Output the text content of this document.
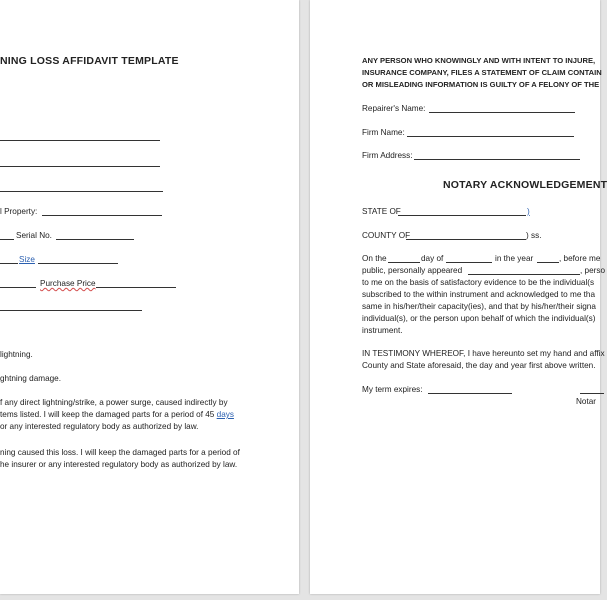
NING LOSS AFFIDAVIT TEMPLATE
l Property:
Serial No.
Size
Purchase Price
lightning.
ghtning damage.
f any direct lightning/strike, a power surge, caused indirectly by
tems listed. I will keep the damaged parts for a period of 45 days
or any interested regulatory body as authorized by law.
ning caused this loss. I will keep the damaged parts for a period of
he insurer or any interested regulatory body as authorized by law.
ANY PERSON WHO KNOWINGLY AND WITH INTENT TO INJURE,
INSURANCE COMPANY, FILES A STATEMENT OF CLAIM CONTAIN
OR MISLEADING INFORMATION IS GUILTY OF A FELONY OF THE
Repairer's Name:
Firm Name:
Firm Address:
NOTARY ACKNOWLEDGEMENT
STATE OF	)
COUNTY OF	) ss.
On the	day of	in the year	, before me
public, personally appeared	, perso
to me on the basis of satisfactory evidence to be the individual(s
subscribed to the within instrument and acknowledged to me tha
same in his/her/their capacity(ies), and that by his/her/their signa
individual(s), or the person upon behalf of which the individual(s)
instrument.
IN TESTIMONY WHEREOF, I have hereunto set my hand and affix
County and State aforesaid, the day and year first above written.
My term expires:
Notar
